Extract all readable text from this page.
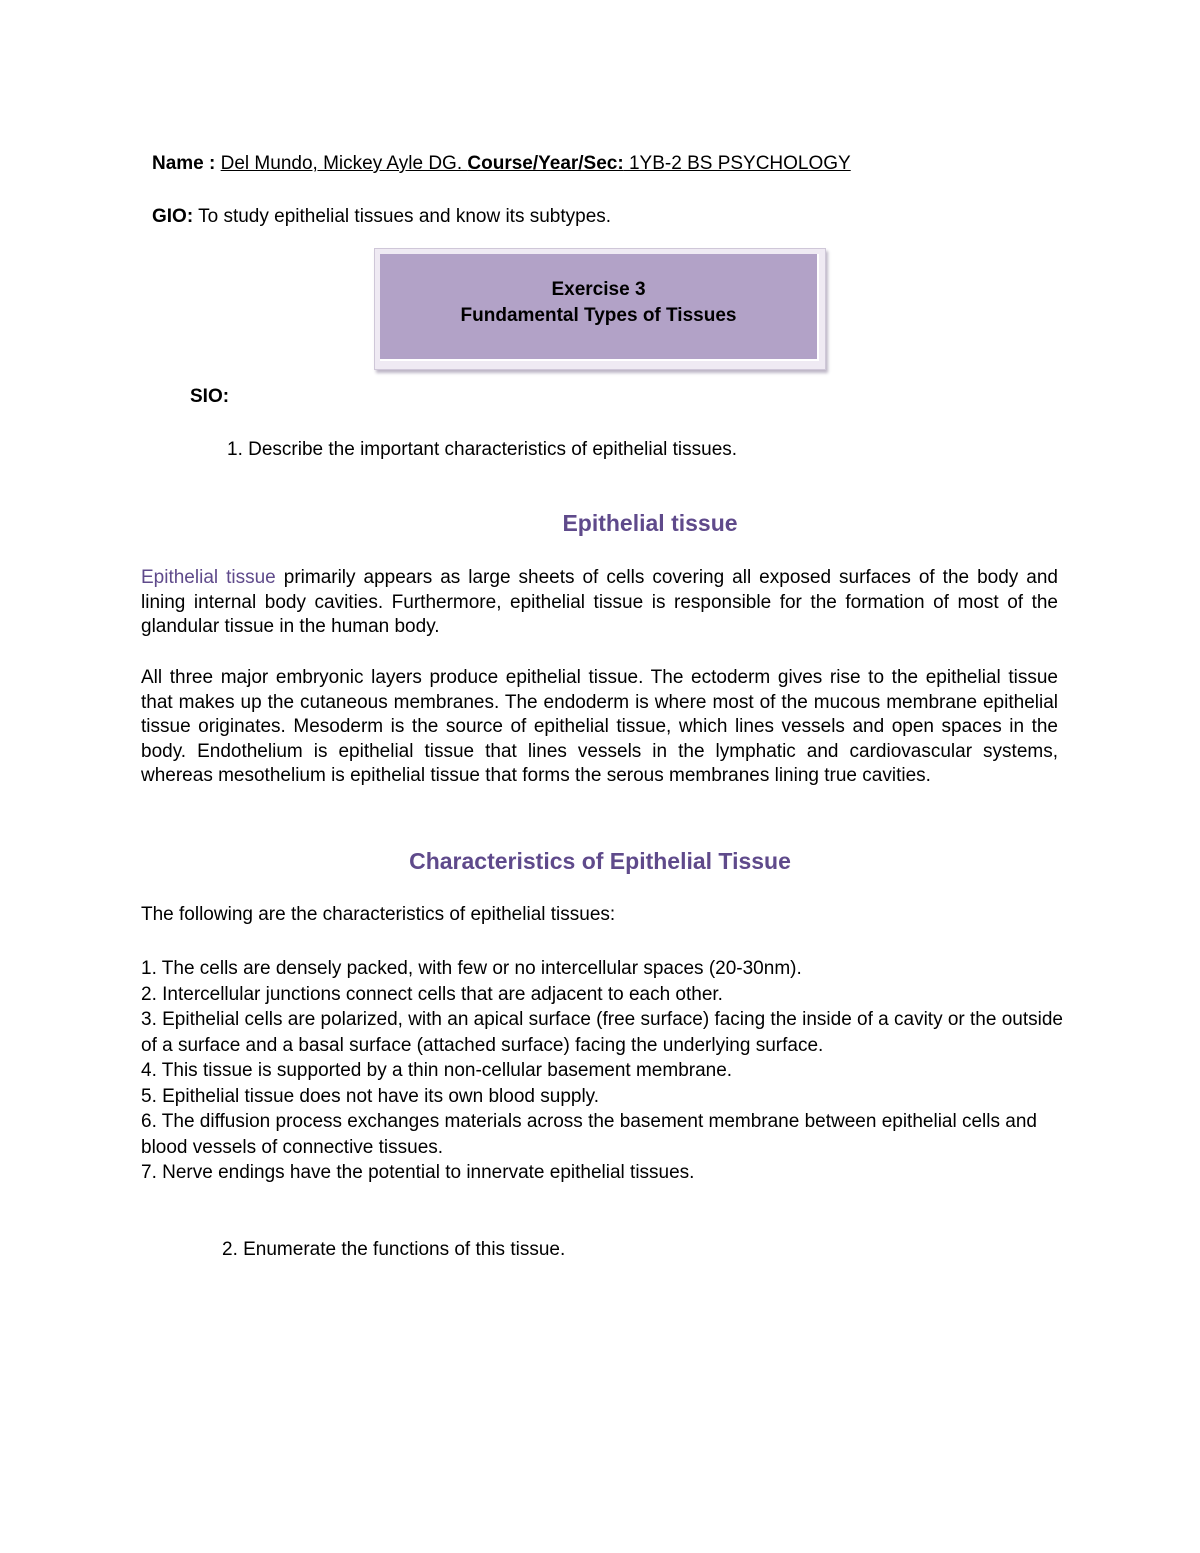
Name : Del Mundo, Mickey Ayle DG. Course/Year/Sec: 1YB-2 BS PSYCHOLOGY
GIO: To study epithelial tissues and know its subtypes.
Exercise 3
Fundamental Types of Tissues
SIO:
1. Describe the important characteristics of epithelial tissues.
Epithelial tissue

Epithelial tissue primarily appears as large sheets of cells covering all exposed surfaces of the body and lining internal body cavities. Furthermore, epithelial tissue is responsible for the formation of most of the glandular tissue in the human body.

All three major embryonic layers produce epithelial tissue. The ectoderm gives rise to the epithelial tissue that makes up the cutaneous membranes. The endoderm is where most of the mucous membrane epithelial tissue originates. Mesoderm is the source of epithelial tissue, which lines vessels and open spaces in the body. Endothelium is epithelial tissue that lines vessels in the lymphatic and cardiovascular systems, whereas mesothelium is epithelial tissue that forms the serous membranes lining true cavities.

Characteristics of Epithelial Tissue
The following are the characteristics of epithelial tissues:
1. The cells are densely packed, with few or no intercellular spaces (20-30nm).
2. Intercellular junctions connect cells that are adjacent to each other.
3. Epithelial cells are polarized, with an apical surface (free surface) facing the inside of a cavity or the outside of a surface and a basal surface (attached surface) facing the underlying surface.
4. This tissue is supported by a thin non-cellular basement membrane.
5. Epithelial tissue does not have its own blood supply.
6. The diffusion process exchanges materials across the basement membrane between epithelial cells and blood vessels of connective tissues.
7. Nerve endings have the potential to innervate epithelial tissues.
2. Enumerate the functions of this tissue.
